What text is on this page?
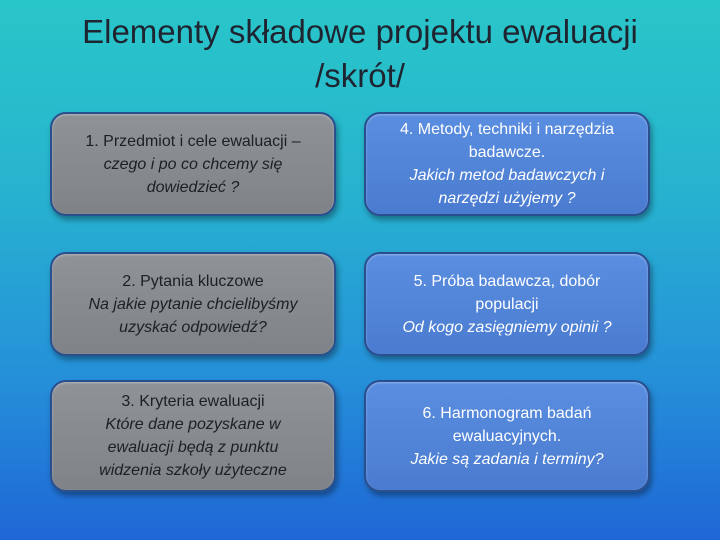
Elementy składowe projektu ewaluacji
/skrót/
1. Przedmiot i cele ewaluacji –
czego i po co chcemy się
dowiedzieć ?
2. Pytania kluczowe
Na jakie pytanie chcielibyśmy
uzyskać odpowiedź?
3. Kryteria ewaluacji
Które dane pozyskane w
ewaluacji będą z punktu
widzenia szkoły użyteczne
4. Metody, techniki i narzędzia
badawcze.
Jakich metod badawczych i
narzędzi użyjemy ?
5. Próba badawcza, dobór
populacji
Od kogo zasięgniemy opinii ?
6. Harmonogram badań
ewaluacyjnych.
Jakie są zadania i terminy?
